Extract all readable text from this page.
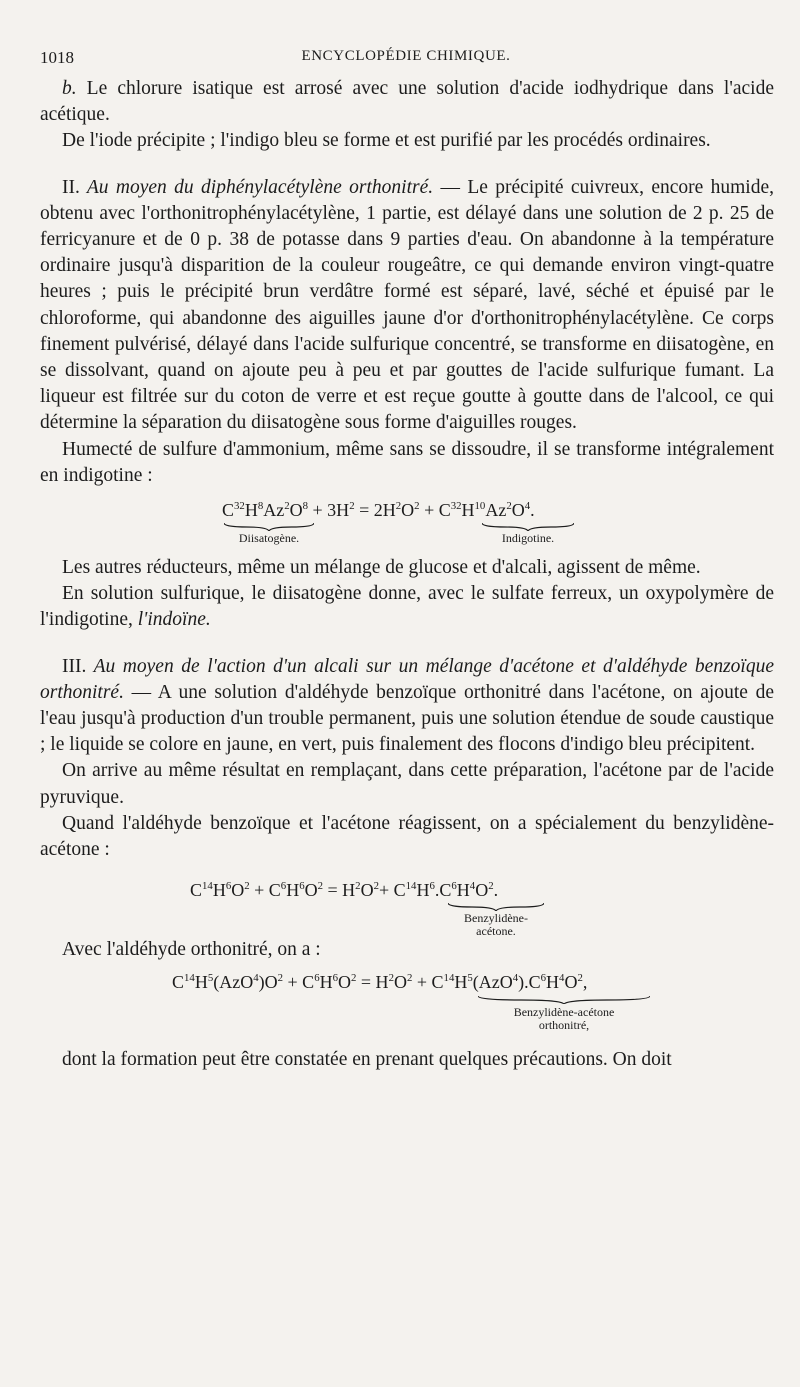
1018	ENCYCLOPÉDIE CHIMIQUE.

b. Le chlorure isatique est arrosé avec une solution d'acide iodhydrique dans l'acide acétique.

De l'iode précipite ; l'indigo bleu se forme et est purifié par les procédés ordinaires.

II. Au moyen du diphénylacétylène orthonitré. — Le précipité cuivreux, encore humide, obtenu avec l'orthonitrophénylacétylène, 1 partie, est délayé dans une solution de 2 p. 25 de ferricyanure et de 0 p. 38 de potasse dans 9 parties d'eau. On abandonne à la température ordinaire jusqu'à disparition de la couleur rougeâtre, ce qui demande environ vingt-quatre heures ; puis le précipité brun verdâtre formé est séparé, lavé, séché et épuisé par le chloroforme, qui abandonne des aiguilles jaune d'or d'orthonitrophénylacétylène. Ce corps finement pulvérisé, délayé dans l'acide sulfurique concentré, se transforme en diisatogène, en se dissolvant, quand on ajoute peu à peu et par gouttes de l'acide sulfurique fumant. La liqueur est filtrée sur du coton de verre et est reçue goutte à goutte dans de l'alcool, ce qui détermine la séparation du diisatogène sous forme d'aiguilles rouges.

Humecté de sulfure d'ammonium, même sans se dissoudre, il se transforme intégralement en indigotine :

$C^{32}H^8Az^2O^8 + 3H^2 = 2H^2O^2 + C^{32}H^{10}Az^2O^4$.
Diisatogène.	Indigotine.

Les autres réducteurs, même un mélange de glucose et d'alcali, agissent de même.

En solution sulfurique, le diisatogène donne, avec le sulfate ferreux, un oxypolymère de l'indigotine, l'indoïne.

III. Au moyen de l'action d'un alcali sur un mélange d'acétone et d'aldéhyde benzoïque orthonitré. — A une solution d'aldéhyde benzoïque orthonitré dans l'acétone, on ajoute de l'eau jusqu'à production d'un trouble permanent, puis une solution étendue de soude caustique ; le liquide se colore en jaune, en vert, puis finalement des flocons d'indigo bleu précipitent.

On arrive au même résultat en remplaçant, dans cette préparation, l'acétone par de l'acide pyruvique.

Quand l'aldéhyde benzoïque et l'acétone réagissent, on a spécialement du benzylidène-acétone :

$C^{14}H^6O^2 + C^6H^6O^2 = H^2O^2+ C^{14}H^6.C^6H^4O^2$.
Benzylidène-
acétone.

Avec l'aldéhyde orthonitré, on a :

$C^{14}H^5(AzO^4)O^2 + C^6H^6O^2 = H^2O^2 + C^{14}H^5(AzO^4).C^6H^4O^2$,
Benzylidène-acétone
orthonitré,

dont la formation peut être constatée en prenant quelques précautions. On doit
